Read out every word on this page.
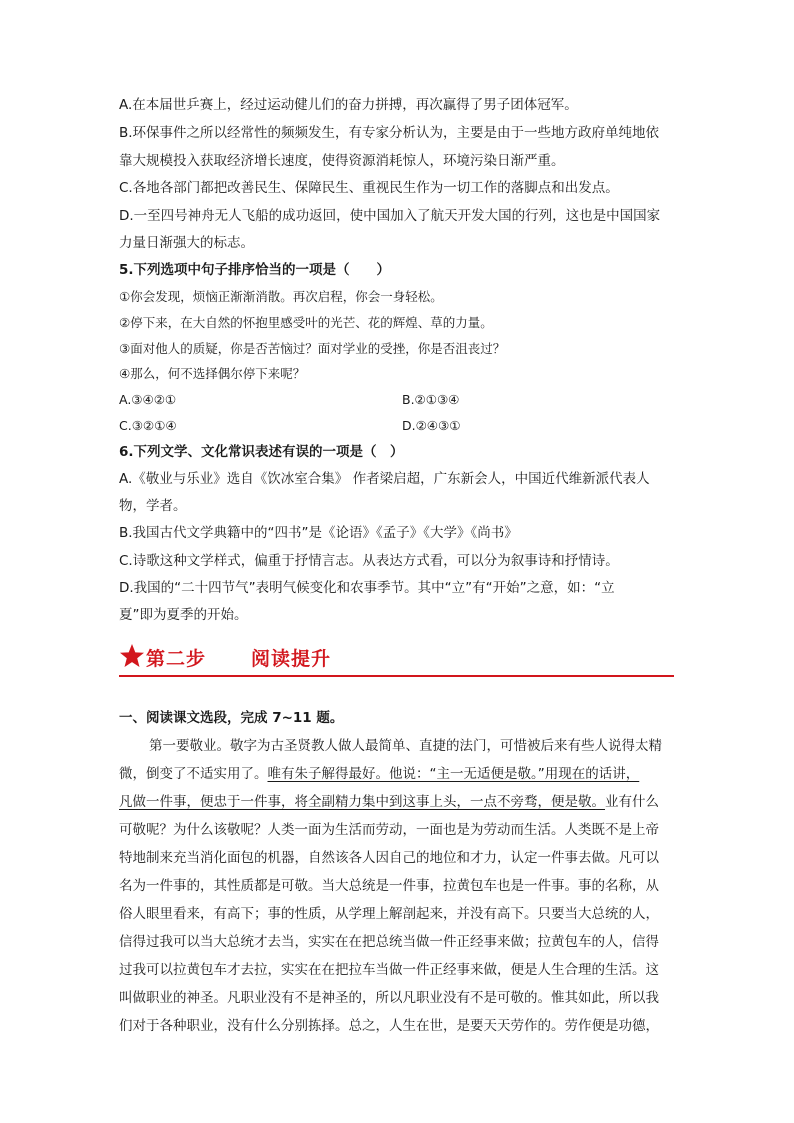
A.在本届世乒赛上，经过运动健儿们的奋力拼搏，再次赢得了男子团体冠军。
B.环保事件之所以经常性的频频发生，有专家分析认为，主要是由于一些地方政府单纯地依
靠大规模投入获取经济增长速度，使得资源消耗惊人，环境污染日渐严重。
C.各地各部门都把改善民生、保障民生、重视民生作为一切工作的落脚点和出发点。
D.一至四号神舟无人飞船的成功返回，使中国加入了航天开发大国的行列，这也是中国国家
力量日渐强大的标志。
5.下列选项中句子排序恰当的一项是（　　）
①你会发现，烦恼正渐渐消散。再次启程，你会一身轻松。
②停下来，在大自然的怀抱里感受叶的光芒、花的辉煌、草的力量。
③面对他人的质疑，你是否苦恼过？面对学业的受挫，你是否沮丧过？
④那么，何不选择偶尔停下来呢？
A.③④②①	B.②①③④
C.③②①④	D.②④③①
6.下列文学、文化常识表述有误的一项是（　）
A.《敬业与乐业》选自《饮冰室合集》 作者梁启超，广东新会人，中国近代维新派代表人
物，学者。
B.我国古代文学典籍中的“四书”是《论语》《孟子》《大学》《尚书》
C.诗歌这种文学样式，偏重于抒情言志。从表达方式看，可以分为叙事诗和抒情诗。
D.我国的“二十四节气”表明气候变化和农事季节。其中“立”有“开始”之意，如：“立
夏”即为夏季的开始。
第二步 阅读提升
一、阅读课文选段，完成 7~11 题。
第一要敬业。敬字为古圣贤教人做人最简单、直捷的法门，可惜被后来有些人说得太精
微，倒变了不适实用了。唯有朱子解得最好。他说：“主一无适便是敬。”用现在的话讲，
凡做一件事，便忠于一件事，将全副精力集中到这事上头，一点不旁骛，便是敬。业有什么
可敬呢？为什么该敬呢？人类一面为生活而劳动，一面也是为劳动而生活。人类既不是上帝
特地制来充当消化面包的机器，自然该各人因自己的地位和才力，认定一件事去做。凡可以
名为一件事的，其性质都是可敬。当大总统是一件事，拉黄包车也是一件事。事的名称，从
俗人眼里看来，有高下；事的性质，从学理上解剖起来，并没有高下。只要当大总统的人，
信得过我可以当大总统才去当，实实在在把总统当做一件正经事来做；拉黄包车的人，信得
过我可以拉黄包车才去拉，实实在在把拉车当做一件正经事来做，便是人生合理的生活。这
叫做职业的神圣。凡职业没有不是神圣的，所以凡职业没有不是可敬的。惟其如此，所以我
们对于各种职业，没有什么分别拣择。总之，人生在世，是要天天劳作的。劳作便是功德，
